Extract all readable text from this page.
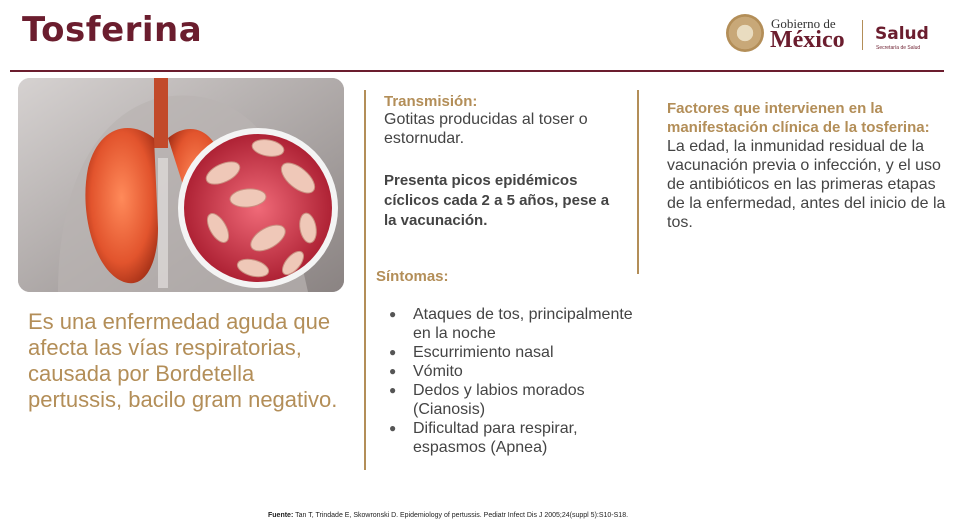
Tosferina	Gobierno de
México Salud
Secretaría de Salud
Es una enfermedad aguda que afecta las vías respiratorias, causada por Bordetella pertussis, bacilo gram negativo.
Transmisión:
Gotitas producidas al toser o estornudar.
Presenta picos epidémicos cíclicos cada 2 a 5 años, pese a la vacunación.
Síntomas:
● Ataques de tos, principalmente en la noche
● Escurrimiento nasal
● Vómito
● Dedos y labios morados (Cianosis)
● Dificultad para respirar, espasmos (Apnea)
Factores que intervienen en la manifestación clínica de la tosferina:
La edad, la inmunidad residual de la vacunación previa o infección, y el uso de antibióticos en las primeras etapas de la enfermedad, antes del inicio de la tos.
Fuente: Tan T, Trindade E, Skowronski D. Epidemiology of pertussis. Pediatr Infect Dis J 2005;24(suppl 5):S10-S18.
